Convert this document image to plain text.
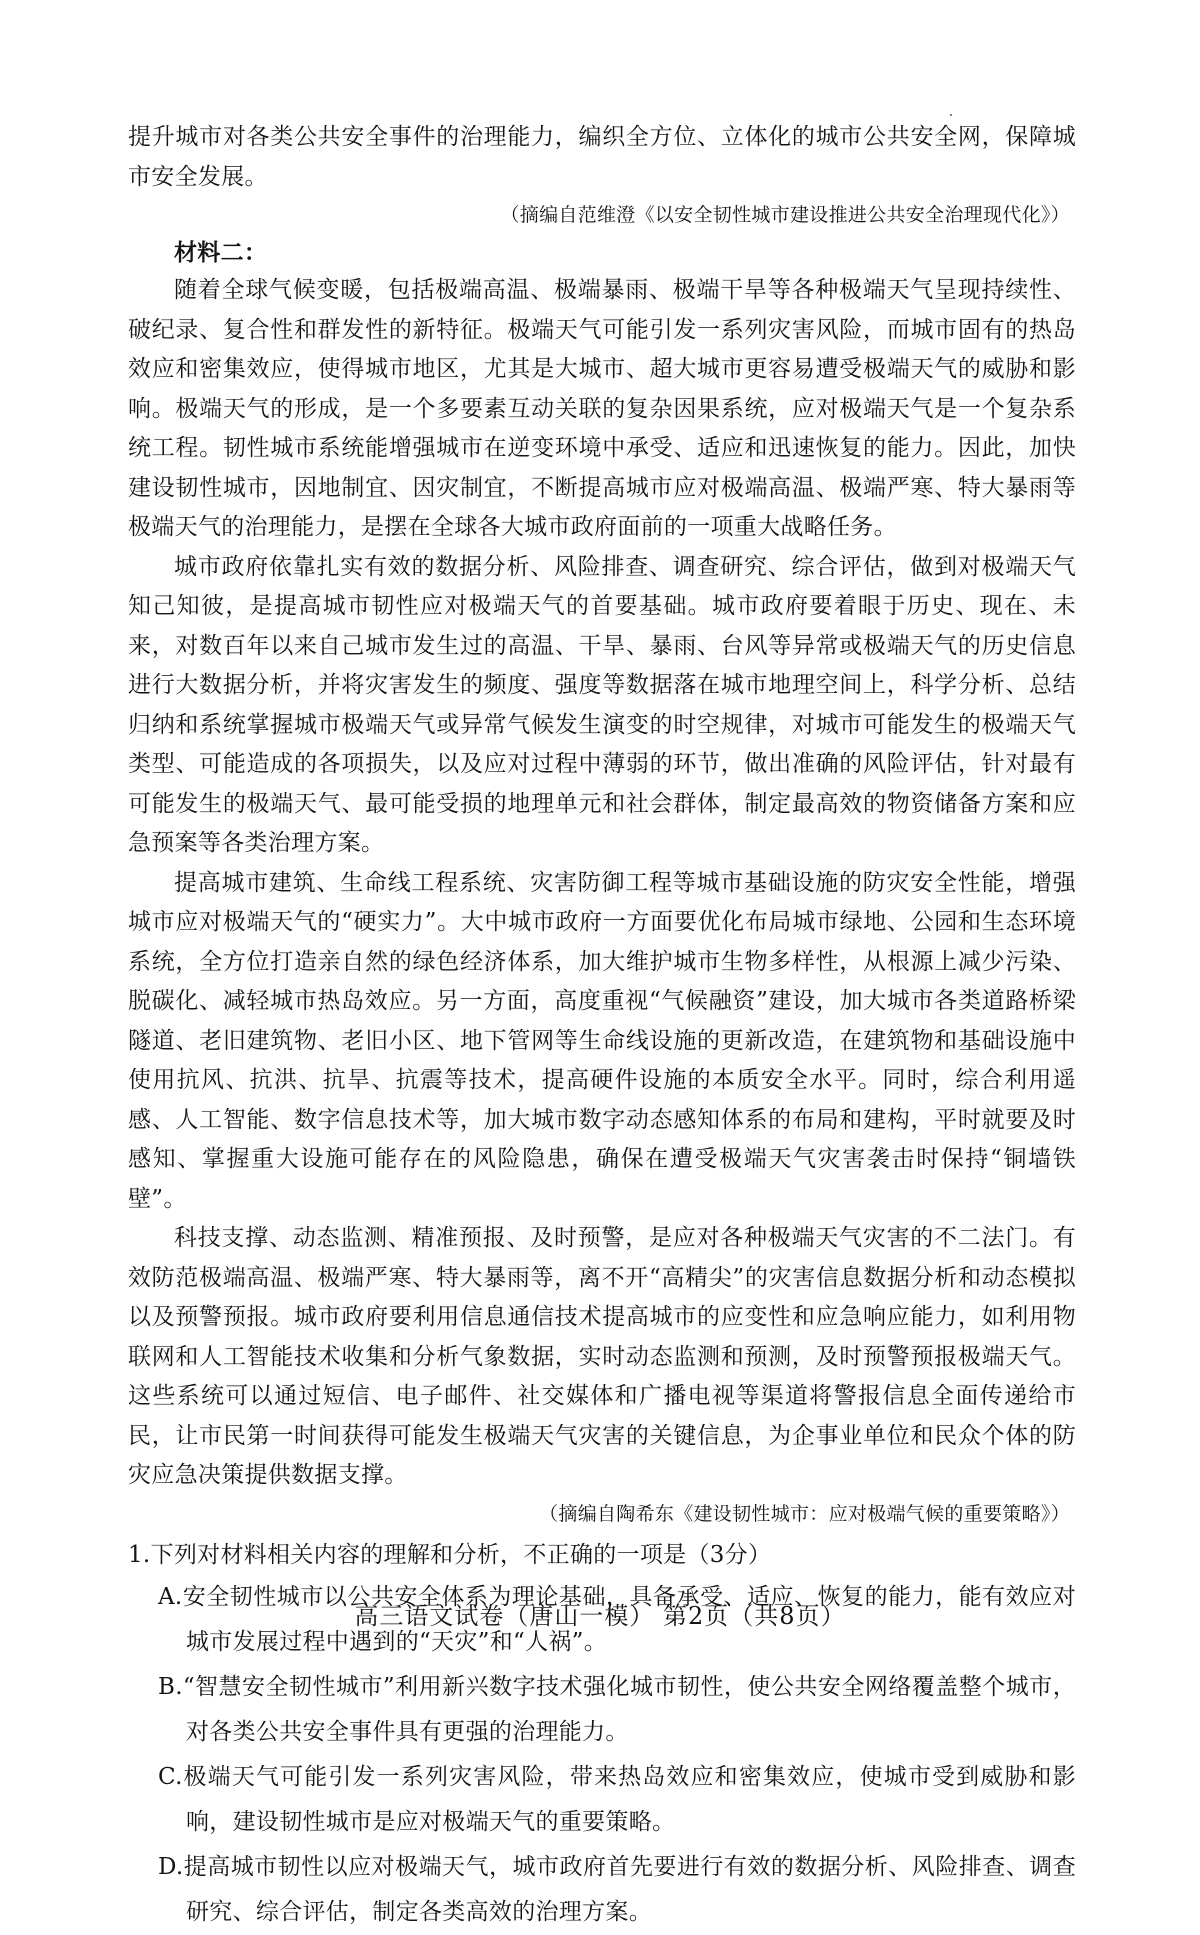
提升城市对各类公共安全事件的治理能力，编织全方位、立体化的城市公共安全网，保障城市安全发展。

（摘编自范维澄《以安全韧性城市建设推进公共安全治理现代化》）

材料二：

随着全球气候变暖，包括极端高温、极端暴雨、极端干旱等各种极端天气呈现持续性、破纪录、复合性和群发性的新特征。极端天气可能引发一系列灾害风险，而城市固有的热岛效应和密集效应，使得城市地区，尤其是大城市、超大城市更容易遭受极端天气的威胁和影响。极端天气的形成，是一个多要素互动关联的复杂因果系统，应对极端天气是一个复杂系统工程。韧性城市系统能增强城市在逆变环境中承受、适应和迅速恢复的能力。因此，加快建设韧性城市，因地制宜、因灾制宜，不断提高城市应对极端高温、极端严寒、特大暴雨等极端天气的治理能力，是摆在全球各大城市政府面前的一项重大战略任务。

城市政府依靠扎实有效的数据分析、风险排查、调查研究、综合评估，做到对极端天气知己知彼，是提高城市韧性应对极端天气的首要基础。城市政府要着眼于历史、现在、未来，对数百年以来自己城市发生过的高温、干旱、暴雨、台风等异常或极端天气的历史信息进行大数据分析，并将灾害发生的频度、强度等数据落在城市地理空间上，科学分析、总结归纳和系统掌握城市极端天气或异常气候发生演变的时空规律，对城市可能发生的极端天气类型、可能造成的各项损失，以及应对过程中薄弱的环节，做出准确的风险评估，针对最有可能发生的极端天气、最可能受损的地理单元和社会群体，制定最高效的物资储备方案和应急预案等各类治理方案。

提高城市建筑、生命线工程系统、灾害防御工程等城市基础设施的防灾安全性能，增强城市应对极端天气的“硬实力”。大中城市政府一方面要优化布局城市绿地、公园和生态环境系统，全方位打造亲自然的绿色经济体系，加大维护城市生物多样性，从根源上减少污染、脱碳化、减轻城市热岛效应。另一方面，高度重视“气候融资”建设，加大城市各类道路桥梁隧道、老旧建筑物、老旧小区、地下管网等生命线设施的更新改造，在建筑物和基础设施中使用抗风、抗洪、抗旱、抗震等技术，提高硬件设施的本质安全水平。同时，综合利用遥感、人工智能、数字信息技术等，加大城市数字动态感知体系的布局和建构，平时就要及时感知、掌握重大设施可能存在的风险隐患，确保在遭受极端天气灾害袭击时保持“铜墙铁壁”。

科技支撑、动态监测、精准预报、及时预警，是应对各种极端天气灾害的不二法门。有效防范极端高温、极端严寒、特大暴雨等，离不开“高精尖”的灾害信息数据分析和动态模拟以及预警预报。城市政府要利用信息通信技术提高城市的应变性和应急响应能力，如利用物联网和人工智能技术收集和分析气象数据，实时动态监测和预测，及时预警预报极端天气。这些系统可以通过短信、电子邮件、社交媒体和广播电视等渠道将警报信息全面传递给市民，让市民第一时间获得可能发生极端天气灾害的关键信息，为企事业单位和民众个体的防灾应急决策提供数据支撑。

（摘编自陶希东《建设韧性城市：应对极端气候的重要策略》）

1.下列对材料相关内容的理解和分析，不正确的一项是（3分）

A.安全韧性城市以公共安全体系为理论基础，具备承受、适应、恢复的能力，能有效应对城市发展过程中遇到的“天灾”和“人祸”。

B.“智慧安全韧性城市”利用新兴数字技术强化城市韧性，使公共安全网络覆盖整个城市，对各类公共安全事件具有更强的治理能力。

C.极端天气可能引发一系列灾害风险，带来热岛效应和密集效应，使城市受到威胁和影响，建设韧性城市是应对极端天气的重要策略。

D.提高城市韧性以应对极端天气，城市政府首先要进行有效的数据分析、风险排查、调查研究、综合评估，制定各类高效的治理方案。

高三语文试卷（唐山一模） 第2页（共8页）
